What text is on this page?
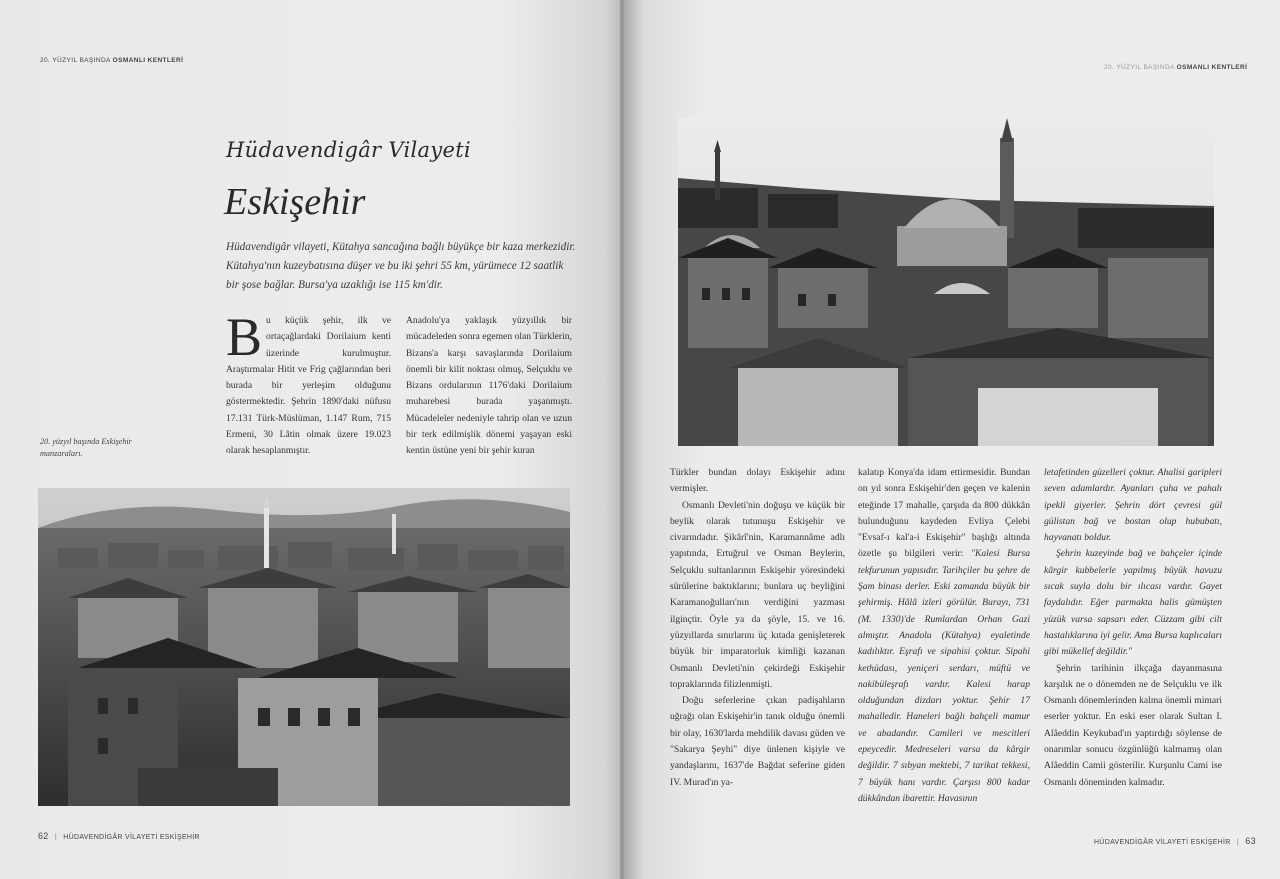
20. YÜZYIL BAŞINDA OSMANLI KENTLERİ
Hüdavendigâr Vilayeti
Eskişehir
Hüdavendigâr vilayeti, Kütahya sancağına bağlı büyükçe bir kaza merkezidir. Kütahya'nın kuzeybatısına düşer ve bu iki şehri 55 km, yürümece 12 saatlik bir şose bağlar. Bursa'ya uzaklığı ise 115 km'dir.

Bu küçük şehir, ilk ve ortaçağlardaki Dorilaium kenti üzerinde kurulmuştur. Araştırmalar Hitit ve Frig çağlarından beri burada bir yerleşim olduğunu göstermektedir. Şehrin 1890'daki nüfusu 17.131 Türk-Müslüman, 1.147 Rum, 715 Ermeni, 30 Lâtin olmak üzere 19.023 olarak hesaplanmıştır.

Anadolu'ya yaklaşık yüzyıllık bir mücadeleden sonra egemen olan Türklerin, Bizans'a karşı savaşlarında Dorilaium önemli bir kilit noktası olmuş, Selçuklu ve Bizans ordularının 1176'daki Dorilaium muharebesi burada yaşanmıştı. Mücadeleler nedeniyle tahrip olan ve uzun bir terk edilmişlik dönemi yaşayan eski kentin üstüne yeni bir şehir kuran

20. yüzyıl başında Eskişehir manzaraları.
62 | HÜDAVENDİGÂR VİLAYETİ ESKİŞEHİR
20. YÜZYIL BAŞINDA OSMANLI KENTLERİ

Türkler bundan dolayı Eskişehir adını vermişler.

Osmanlı Devleti'nin doğuşu ve küçük bir beylik olarak tutunuşu Eskişehir ve civarındadır. Şikârî'nin, Karamannâme adlı yapıtında, Ertuğrul ve Osman Beylerin, Selçuklu sultanlarının Eskişehir yöresindeki sürülerine baktıklarını; bunlara uç beyliğini Karamanoğulları'nın verdiğini yazması ilginçtir. Öyle ya da şöyle, 15. ve 16. yüzyıllarda sınırlarını üç kıtada genişleterek büyük bir imparatorluk kimliği kazanan Osmanlı Devleti'nin çekirdeği Eskişehir topraklarında filizlenmişti.

Doğu seferlerine çıkan padişahların uğrağı olan Eskişehir'in tanık olduğu önemli bir olay, 1630'larda mehdilik davası güden ve "Sakarya Şeyhi" diye ünlenen kişiyle ve yandaşlarını, 1637'de Bağdat seferine giden IV. Murad'ın ya-

kalatıp Konya'da idam ettirmesidir. Bundan on yıl sonra Eskişehir'den geçen ve kalenin eteğinde 17 mahalle, çarşıda da 800 dükkân bulunduğunu kaydeden Evliya Çelebi "Evsaf-ı kal'a-i Eskişehir" başlığı altında özetle şu bilgileri verir: "Kalesi Bursa tekfurunun yapısıdır. Tarihçiler bu şehre de Şam binası derler. Eski zamanda büyük bir şehirmiş. Hâlâ izleri görülür. Burayı, 731 (M. 1330)'de Rumlardan Orhan Gazi almıştır. Anadolu (Kütahya) eyaletinde kadılıktır. Eşrafı ve sipahisi çoktur. Sipahi kethüdası, yeniçeri serdarı, müftü ve nakibüleşrafı vardır. Kalesi harap olduğundan dizdarı yoktur. Şehir 17 mahalledir. Haneleri bağlı bahçeli mamur ve abadandır. Camileri ve mescitleri epeycedir. Medreseleri varsa da kârgir değildir. 7 sıbyan mektebi, 7 tarikat tekkesi, 7 büyük hanı vardır. Çarşısı 800 kadar dükkândan ibarettir. Havasının

letafetinden güzelleri çoktur. Ahalisi garipleri seven adamlardır. Ayanları çuha ve pahalı ipekli giyerler. Şehrin dört çevresi gül gülistan bağ ve bostan olup hububatı, hayvanatı boldur.

Şehrin kuzeyinde bağ ve bahçeler içinde kârgir kubbelerle yapılmış büyük havuzu sıcak suyla dolu bir ılıcası vardır. Gayet faydalıdır. Eğer parmakta halis gümüşten yüzük varsa sapsarı eder. Cüzzam gibi cilt hastalıklarına iyi gelir. Ama Bursa kaplıcaları gibi mükellef değildir."

Şehrin tarihinin ilkçağa dayanmasına karşılık ne o dönemden ne de Selçuklu ve ilk Osmanlı dönemlerinden kalma önemli mimari eserler yoktur. En eski eser olarak Sultan I. Alâeddin Keykubad'ın yaptırdığı söylense de onarımlar sonucu özgünlüğü kalmamış olan Alâeddin Camii gösterilir. Kurşunlu Cami ise Osmanlı döneminden kalmadır.

HÜDAVENDİGÂR VİLAYETİ ESKİŞEHİR | 63
